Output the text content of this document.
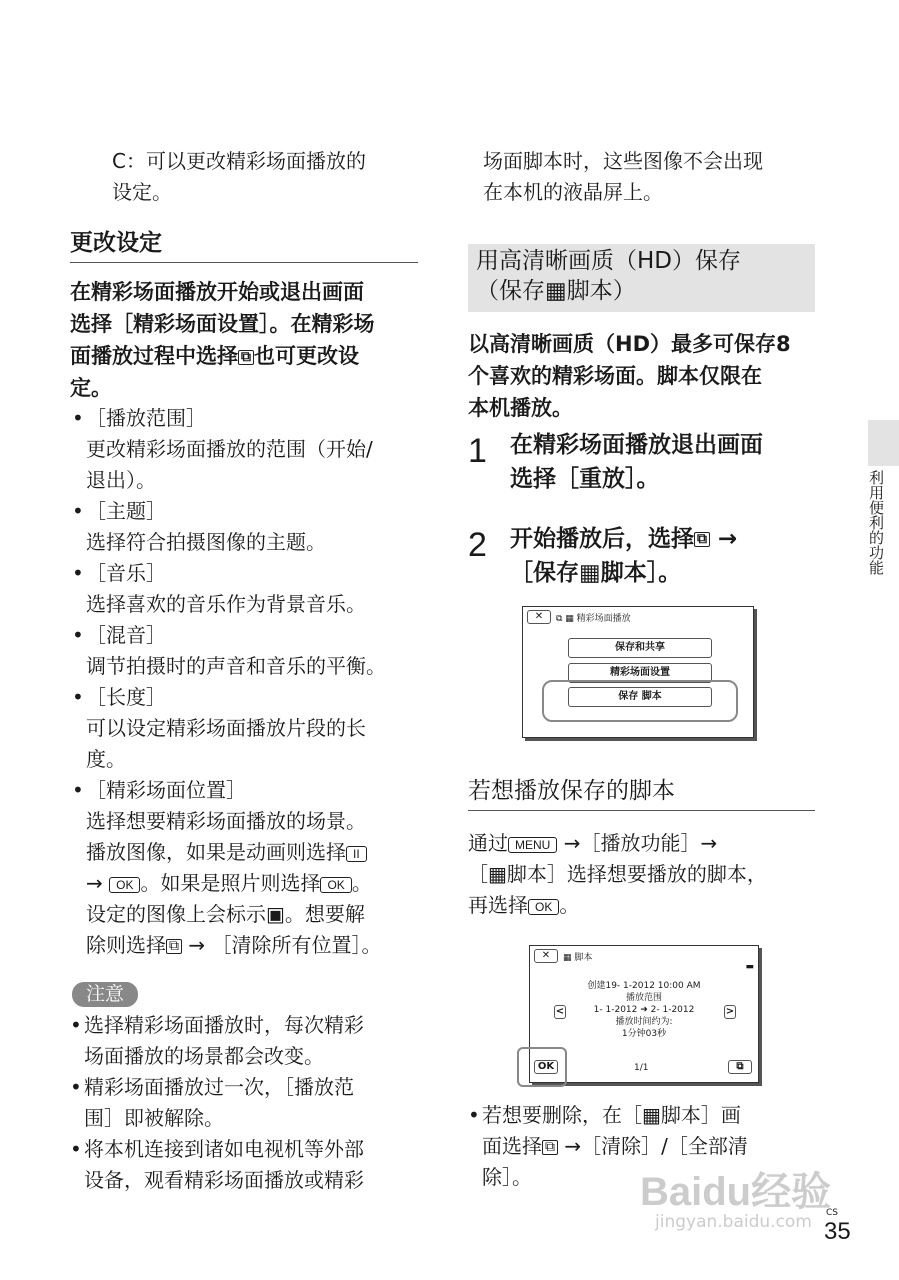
C：可以更改精彩场面播放的
设定。
更改设定
在精彩场面播放开始或退出画面
选择［精彩场面设置］。在精彩场
面播放过程中选择 ⧉ 也可更改设
定。
• ［播放范围］
更改精彩场面播放的范围（开始/
退出）。
• ［主题］
选择符合拍摄图像的主题。
• ［音乐］
选择喜欢的音乐作为背景音乐。
• ［混音］
调节拍摄时的声音和音乐的平衡。
• ［长度］
可以设定精彩场面播放片段的长
度。
• ［精彩场面位置］
选择想要精彩场面播放的场景。
播放图像，如果是动画则选择 II
→ OK 。如果是照片则选择 OK 。
设定的图像上会标示▣。想要解
除则选择 ⧉ → ［清除所有位置］。
注意
• 选择精彩场面播放时，每次精彩
场面播放的场景都会改变。
• 精彩场面播放过一次，［播放范
围］即被解除。
• 将本机连接到诸如电视机等外部
设备，观看精彩场面播放或精彩
场面脚本时，这些图像不会出现
在本机的液晶屏上。
用高清晰画质（HD）保存
（保存▦脚本）
以高清晰画质（HD）最多可保存8
个喜欢的精彩场面。脚本仅限在
本机播放。
1 在精彩场面播放退出画面
选择［重放］。
2 开始播放后，选择 ⧉ →
［保存▦脚本］。
✕	⧉ ▦ 精彩场面播放
保存和共享
精彩场面设置
保存 脚本
若想播放保存的脚本
通过 MENU →［播放功能］→
［▦脚本］选择想要播放的脚本，
再选择 OK 。
✕	▦ 脚本
▬
创建19- 1-2012 10:00 AM
播放范围
1- 1-2012 ➜ 2- 1-2012
播放时间约为:
1分钟03秒
<	>
OK	1/1	⧉
• 若想要删除，在［▦脚本］画
面选择 ⧉ →［清除］/［全部清
除］。
利用便利的功能
Baidu经验
jingyan.baidu.com CS
35
